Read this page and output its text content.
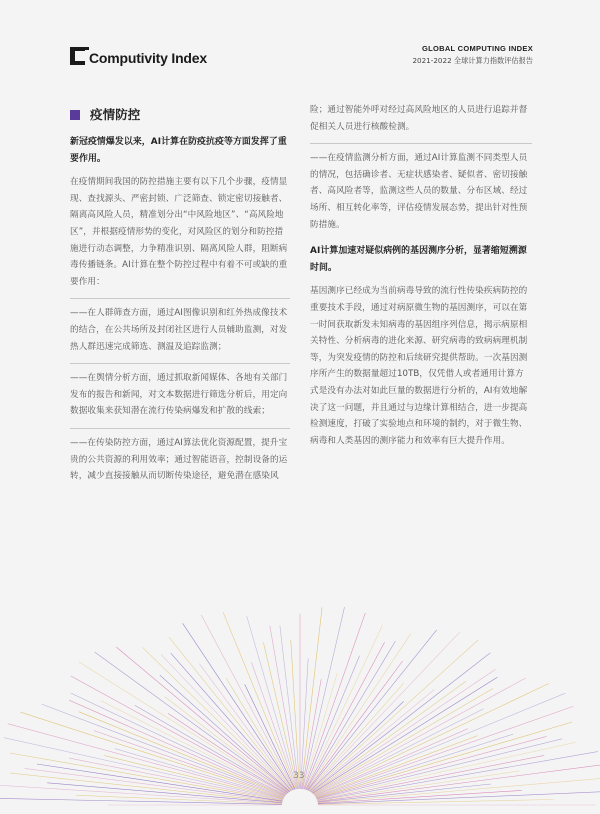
Computivity Index
GLOBAL COMPUTING INDEX
2021-2022 全球计算力指数评估报告
疫情防控

新冠疫情爆发以来，AI计算在防疫抗疫等方面发挥了重要作用。

在疫情期间我国的防控措施主要有以下几个步骤，疫情显现、查找源头、严密封锁、广泛筛查、锁定密切接触者、隔离高风险人员，精准划分出“中风险地区”、“高风险地区”，并根据疫情形势的变化，对风险区的划分和防控措施进行动态调整，力争精准识别、隔离风险人群，阻断病毒传播链条。AI计算在整个防控过程中有着不可或缺的重要作用：

——在人群筛查方面，通过AI图像识别和红外热成像技术的结合，在公共场所及封闭社区进行人员辅助监测，对发热人群迅速完成筛选、测温及追踪监测；

——在舆情分析方面，通过抓取新闻媒体、各地有关部门发布的报告和新闻，对文本数据进行筛选分析后，用定向数据收集来获知潜在流行传染病爆发和扩散的线索；

——在传染防控方面，通过AI算法优化资源配置，提升宝贵的公共资源的利用效率；通过智能语音，控制设备的运转，减少直接接触从而切断传染途径，避免潜在感染风

险；通过智能外呼对经过高风险地区的人员进行追踪并督促相关人员进行核酸检测。

——在疫情监测分析方面，通过AI计算监测不同类型人员的情况，包括确诊者、无症状感染者、疑似者、密切接触者、高风险者等，监测这些人员的数量、分布区域、经过场所、相互转化率等，评估疫情发展态势，提出针对性预防措施。

AI计算加速对疑似病例的基因测序分析，显著缩短溯源时间。

基因测序已经成为当前病毒导致的流行性传染疾病防控的重要技术手段，通过对病原微生物的基因测序，可以在第一时间获取新发未知病毒的基因组序列信息，揭示病原相关特性、分析病毒的进化来源、研究病毒的致病病理机制等，为突发疫情的防控和后续研究提供帮助。一次基因测序所产生的数据量超过10TB，仅凭借人或者通用计算方式是没有办法对如此巨量的数据进行分析的，AI有效地解决了这一问题，并且通过与边缘计算相结合，进一步提高检测速度，打破了实验地点和环境的制约，对于微生物、病毒和人类基因的测序能力和效率有巨大提升作用。

33
